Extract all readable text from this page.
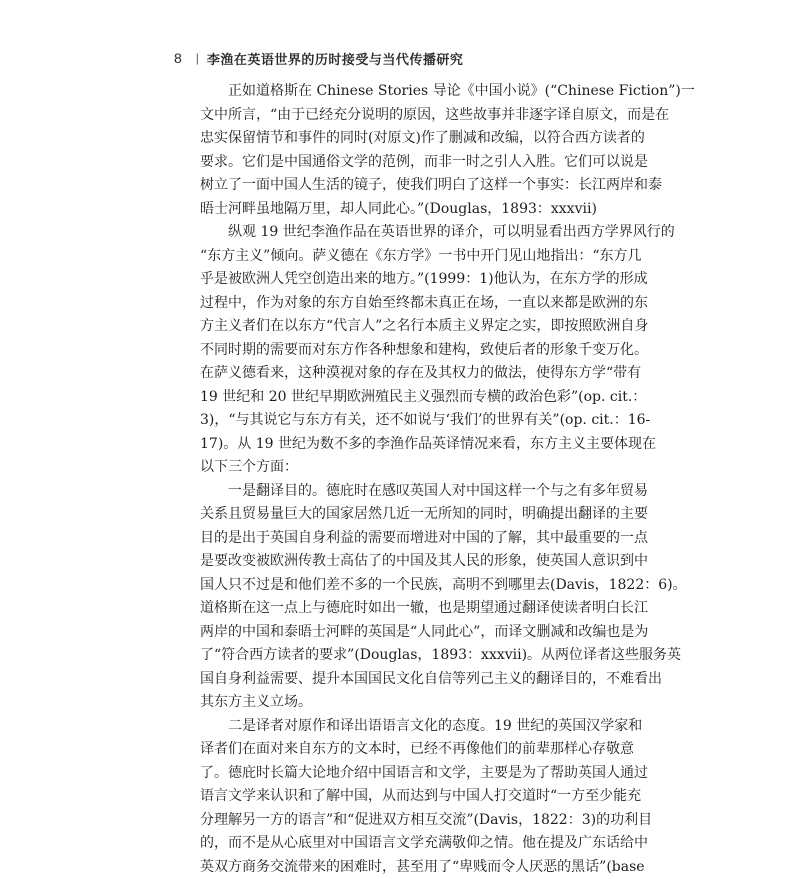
8 | 李渔在英语世界的历时接受与当代传播研究
正如道格斯在 Chinese Stories 导论《中国小说》(“Chinese Fiction”)一
文中所言，“由于已经充分说明的原因，这些故事并非逐字译自原文，而是在
忠实保留情节和事件的同时(对原文)作了删减和改编，以符合西方读者的
要求。它们是中国通俗文学的范例，而非一时之引人入胜。它们可以说是
树立了一面中国人生活的镜子，使我们明白了这样一个事实：长江两岸和泰
晤士河畔虽地隔万里，却人同此心。”(Douglas，1893：xxxvii)
纵观 19 世纪李渔作品在英语世界的译介，可以明显看出西方学界风行的
“东方主义”倾向。萨义德在《东方学》一书中开门见山地指出：“东方几
乎是被欧洲人凭空创造出来的地方。”(1999：1)他认为，在东方学的形成
过程中，作为对象的东方自始至终都未真正在场，一直以来都是欧洲的东
方主义者们在以东方“代言人”之名行本质主义界定之实，即按照欧洲自身
不同时期的需要而对东方作各种想象和建构，致使后者的形象千变万化。
在萨义德看来，这种漠视对象的存在及其权力的做法，使得东方学“带有
19 世纪和 20 世纪早期欧洲殖民主义强烈而专横的政治色彩”(op. cit.：
3)，“与其说它与东方有关，还不如说与‘我们’的世界有关”(op. cit.：16-
17)。从 19 世纪为数不多的李渔作品英译情况来看，东方主义主要体现在
以下三个方面：
一是翻译目的。德庇时在感叹英国人对中国这样一个与之有多年贸易
关系且贸易量巨大的国家居然几近一无所知的同时，明确提出翻译的主要
目的是出于英国自身利益的需要而增进对中国的了解，其中最重要的一点
是要改变被欧洲传教士高估了的中国及其人民的形象，使英国人意识到中
国人只不过是和他们差不多的一个民族，高明不到哪里去(Davis，1822：6)。
道格斯在这一点上与德庇时如出一辙，也是期望通过翻译使读者明白长江
两岸的中国和泰晤士河畔的英国是“人同此心”，而译文删减和改编也是为
了“符合西方读者的要求”(Douglas，1893：xxxvii)。从两位译者这些服务英
国自身利益需要、提升本国国民文化自信等列己主义的翻译目的，不难看出
其东方主义立场。
二是译者对原作和译出语语言文化的态度。19 世纪的英国汉学家和
译者们在面对来自东方的文本时，已经不再像他们的前辈那样心存敬意
了。德庇时长篇大论地介绍中国语言和文学，主要是为了帮助英国人通过
语言文学来认识和了解中国，从而达到与中国人打交道时“一方至少能充
分理解另一方的语言”和“促进双方相互交流”(Davis，1822：3)的功利目
的，而不是从心底里对中国语言文学充满敬仰之情。他在提及广东话给中
英双方商务交流带来的困难时，甚至用了“卑贱而令人厌恶的黑话”(base
